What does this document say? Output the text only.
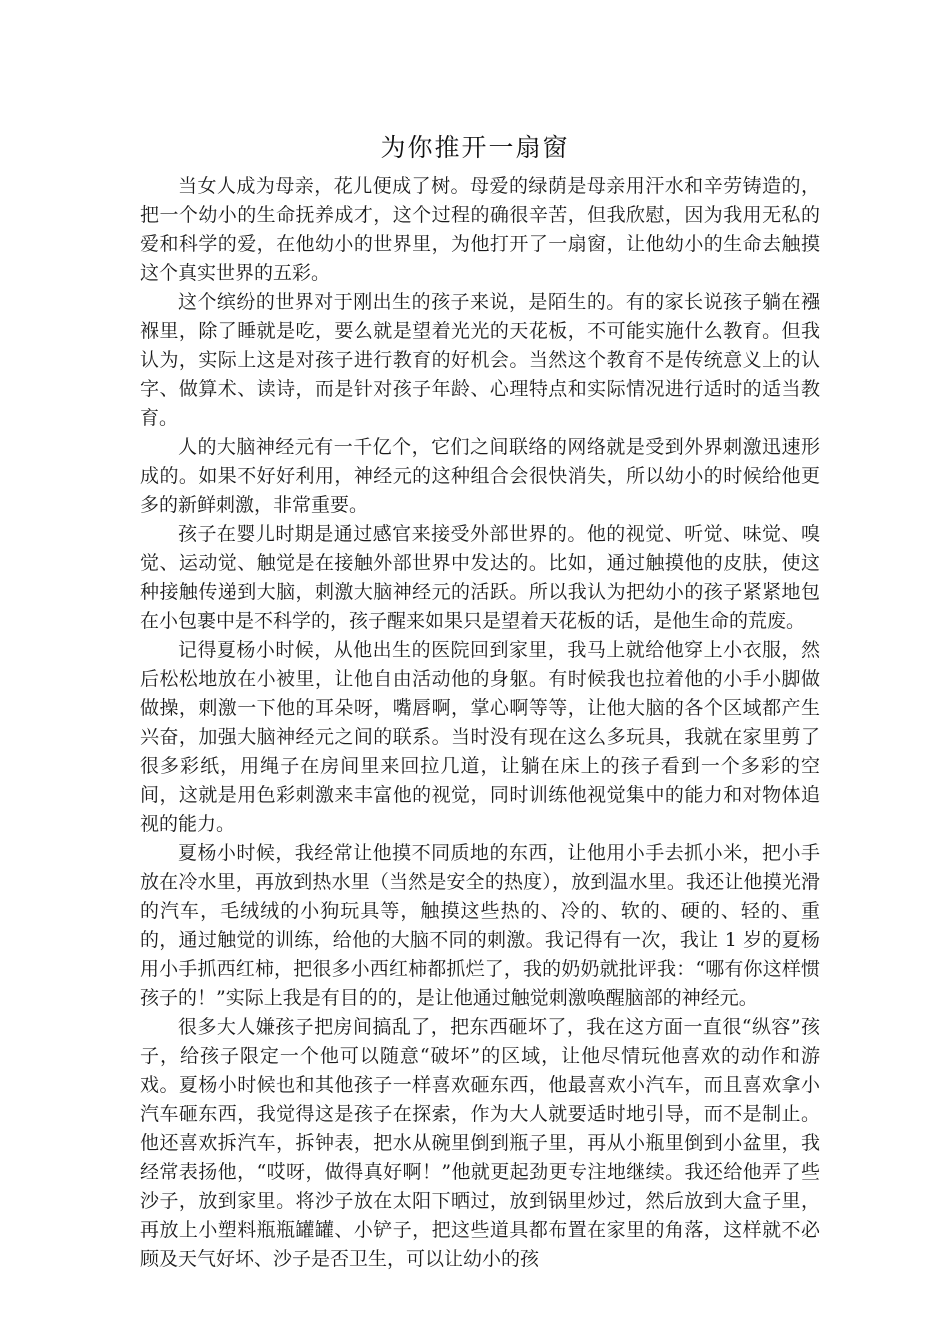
为你推开一扇窗

当女人成为母亲，花儿便成了树。母爱的绿荫是母亲用汗水和辛劳铸造的，把一个幼小的生命抚养成才，这个过程的确很辛苦，但我欣慰，因为我用无私的爱和科学的爱，在他幼小的世界里，为他打开了一扇窗，让他幼小的生命去触摸这个真实世界的五彩。

这个缤纷的世界对于刚出生的孩子来说，是陌生的。有的家长说孩子躺在襁褓里，除了睡就是吃，要么就是望着光光的天花板，不可能实施什么教育。但我认为，实际上这是对孩子进行教育的好机会。当然这个教育不是传统意义上的认字、做算术、读诗，而是针对孩子年龄、心理特点和实际情况进行适时的适当教育。

人的大脑神经元有一千亿个，它们之间联络的网络就是受到外界刺激迅速形成的。如果不好好利用，神经元的这种组合会很快消失，所以幼小的时候给他更多的新鲜刺激，非常重要。

孩子在婴儿时期是通过感官来接受外部世界的。他的视觉、听觉、味觉、嗅觉、运动觉、触觉是在接触外部世界中发达的。比如，通过触摸他的皮肤，使这种接触传递到大脑，刺激大脑神经元的活跃。所以我认为把幼小的孩子紧紧地包在小包裹中是不科学的，孩子醒来如果只是望着天花板的话，是他生命的荒废。

记得夏杨小时候，从他出生的医院回到家里，我马上就给他穿上小衣服，然后松松地放在小被里，让他自由活动他的身躯。有时候我也拉着他的小手小脚做做操，刺激一下他的耳朵呀，嘴唇啊，掌心啊等等，让他大脑的各个区域都产生兴奋，加强大脑神经元之间的联系。当时没有现在这么多玩具，我就在家里剪了很多彩纸，用绳子在房间里来回拉几道，让躺在床上的孩子看到一个多彩的空间，这就是用色彩刺激来丰富他的视觉，同时训练他视觉集中的能力和对物体追视的能力。

夏杨小时候，我经常让他摸不同质地的东西，让他用小手去抓小米，把小手放在冷水里，再放到热水里（当然是安全的热度），放到温水里。我还让他摸光滑的汽车，毛绒绒的小狗玩具等，触摸这些热的、冷的、软的、硬的、轻的、重的，通过触觉的训练，给他的大脑不同的刺激。我记得有一次，我让 1 岁的夏杨用小手抓西红柿，把很多小西红柿都抓烂了，我的奶奶就批评我：“哪有你这样惯孩子的！”实际上我是有目的的，是让他通过触觉刺激唤醒脑部的神经元。

很多大人嫌孩子把房间搞乱了，把东西砸坏了，我在这方面一直很“纵容”孩子，给孩子限定一个他可以随意“破坏”的区域，让他尽情玩他喜欢的动作和游戏。夏杨小时候也和其他孩子一样喜欢砸东西，他最喜欢小汽车，而且喜欢拿小汽车砸东西，我觉得这是孩子在探索，作为大人就要适时地引导，而不是制止。他还喜欢拆汽车，拆钟表，把水从碗里倒到瓶子里，再从小瓶里倒到小盆里，我经常表扬他，“哎呀，做得真好啊！”他就更起劲更专注地继续。我还给他弄了些沙子，放到家里。将沙子放在太阳下晒过，放到锅里炒过，然后放到大盒子里，再放上小塑料瓶瓶罐罐、小铲子，把这些道具都布置在家里的角落，这样就不必顾及天气好坏、沙子是否卫生，可以让幼小的孩
